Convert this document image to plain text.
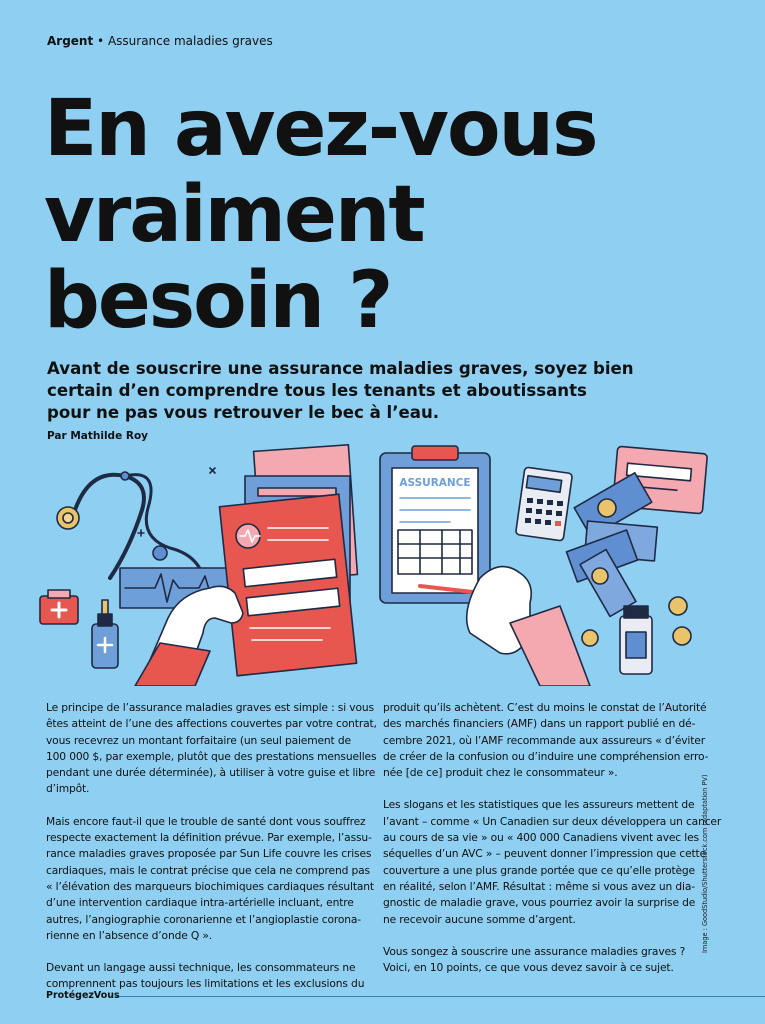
Argent • Assurance maladies graves
En avez-vous
vraiment
besoin ?

Avant de souscrire une assurance maladies graves, soyez bien
certain d’en comprendre tous les tenants et aboutissants
pour ne pas vous retrouver le bec à l’eau.

Par Mathilde Roy
ASSURANCE

Le principe de l’assurance maladies graves est simple : si vous
êtes atteint de l’une des affections couvertes par votre contrat,
vous recevrez un montant forfaitaire (un seul paiement de
100 000 $, par exemple, plutôt que des prestations mensuelles
pendant une durée déterminée), à utiliser à votre guise et libre
d’impôt.

Mais encore faut-il que le trouble de santé dont vous souffrez
respecte exactement la définition prévue. Par exemple, l’assu-
rance maladies graves proposée par Sun Life couvre les crises
cardiaques, mais le contrat précise que cela ne comprend pas
« l’élévation des marqueurs biochimiques cardiaques résultant
d’une intervention cardiaque intra-artérielle incluant, entre
autres, l’angiographie coronarienne et l’angioplastie corona-
rienne en l’absence d’onde Q ».

Devant un langage aussi technique, les consommateurs ne
comprennent pas toujours les limitations et les exclusions du

produit qu’ils achètent. C’est du moins le constat de l’Autorité
des marchés financiers (AMF) dans un rapport publié en dé-
cembre 2021, où l’AMF recommande aux assureurs « d’éviter
de créer de la confusion ou d’induire une compréhension erro-
née [de ce] produit chez le consommateur ».

Les slogans et les statistiques que les assureurs mettent de
l’avant – comme « Un Canadien sur deux développera un cancer
au cours de sa vie » ou « 400 000 Canadiens vivent avec les
séquelles d’un AVC » – peuvent donner l’impression que cette
couverture a une plus grande portée que ce qu’elle protège
en réalité, selon l’AMF. Résultat : même si vous avez un dia-
gnostic de maladie grave, vous pourriez avoir la surprise de
ne recevoir aucune somme d’argent.

Vous songez à souscrire une assurance maladies graves ?
Voici, en 10 points, ce que vous devez savoir à ce sujet.

Image : GoodStudio/Shutterstock.com (adaptation PV)
ProtégezVous
